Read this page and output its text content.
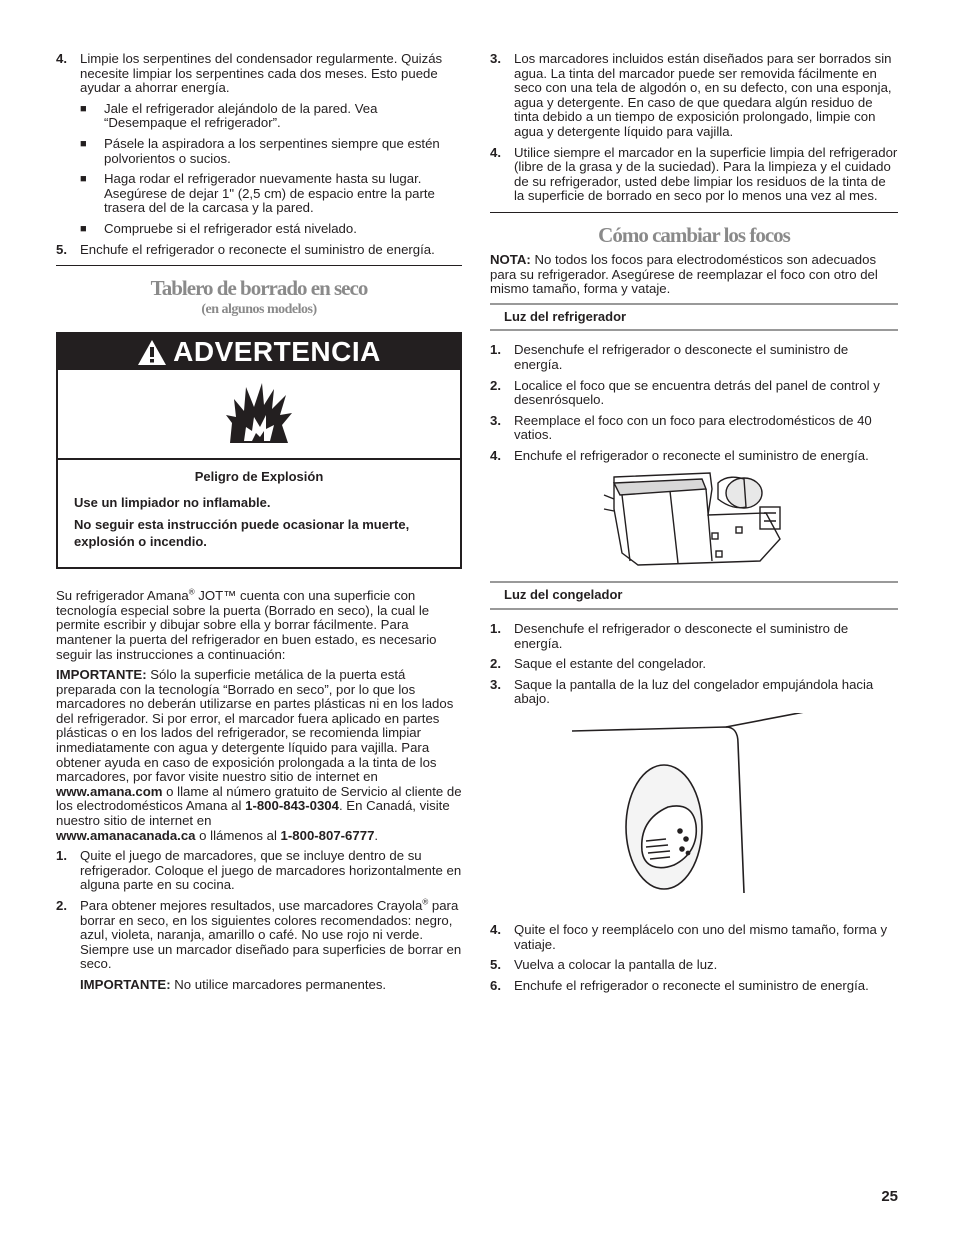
4. Limpie los serpentines del condensador regularmente. Quizás necesite limpiar los serpentines cada dos meses. Esto puede ayudar a ahorrar energía.
■	Jale el refrigerador alejándolo de la pared. Vea “Desempaque el refrigerador”.
■	Pásele la aspiradora a los serpentines siempre que estén polvorientos o sucios.
■	Haga rodar el refrigerador nuevamente hasta su lugar. Asegúrese de dejar 1" (2,5 cm) de espacio entre la parte trasera del de la carcasa y la pared.
■	Compruebe si el refrigerador está nivelado.
5. Enchufe el refrigerador o reconecte el suministro de energía.
Tablero de borrado en seco
(en algunos modelos)
ADVERTENCIA
Peligro de Explosión
Use un limpiador no inflamable.
No seguir esta instrucción puede ocasionar la muerte, explosión o incendio.

Su refrigerador Amana® JOT™ cuenta con una superficie con tecnología especial sobre la puerta (Borrado en seco), la cual le permite escribir y dibujar sobre ella y borrar fácilmente. Para mantener la puerta del refrigerador en buen estado, es necesario seguir las instrucciones a continuación:

IMPORTANTE: Sólo la superficie metálica de la puerta está preparada con la tecnología “Borrado en seco”, por lo que los marcadores no deberán utilizarse en partes plásticas ni en los lados del refrigerador. Si por error, el marcador fuera aplicado en partes plásticas o en los lados del refrigerador, se recomienda limpiar inmediatamente con agua y detergente líquido para vajilla. Para obtener ayuda en caso de exposición prolongada a la tinta de los marcadores, por favor visite nuestro sitio de internet en www.amana.com o llame al número gratuito de Servicio al cliente de los electrodomésticos Amana al 1-800-843-0304. En Canadá, visite nuestro sitio de internet en
www.amanacanada.ca o llámenos al 1-800-807-6777.

1. Quite el juego de marcadores, que se incluye dentro de su refrigerador. Coloque el juego de marcadores horizontalmente en alguna parte en su cocina.
2. Para obtener mejores resultados, use marcadores Crayola® para borrar en seco, en los siguientes colores recomendados: negro, azul, violeta, naranja, amarillo o café. No use rojo ni verde. Siempre use un marcador diseñado para superficies de borrar en seco.

IMPORTANTE: No utilice marcadores permanentes.
3. Los marcadores incluidos están diseñados para ser borrados sin agua. La tinta del marcador puede ser removida fácilmente en seco con una tela de algodón o, en su defecto, con una esponja, agua y detergente. En caso de que quedara algún residuo de tinta debido a un tiempo de exposición prolongado, limpie con agua y detergente líquido para vajilla.
4. Utilice siempre el marcador en la superficie limpia del refrigerador (libre de la grasa y de la suciedad). Para la limpieza y el cuidado de su refrigerador, usted debe limpiar los residuos de la tinta de la superficie de borrado en seco por lo menos una vez al mes.
Cómo cambiar los focos

NOTA: No todos los focos para electrodomésticos son adecuados para su refrigerador. Asegúrese de reemplazar el foco con otro del mismo tamaño, forma y vataje.

Luz del refrigerador
1. Desenchufe el refrigerador o desconecte el suministro de energía.
2. Localice el foco que se encuentra detrás del panel de control y desenrósquelo.
3. Reemplace el foco con un foco para electrodomésticos de 40 vatios.
4. Enchufe el refrigerador o reconecte el suministro de energía.
Luz del congelador
1. Desenchufe el refrigerador o desconecte el suministro de energía.
2. Saque el estante del congelador.
3. Saque la pantalla de la luz del congelador empujándola hacia abajo.
4. Quite el foco y reemplácelo con uno del mismo tamaño, forma y vatiaje.
5. Vuelva a colocar la pantalla de luz.
6. Enchufe el refrigerador o reconecte el suministro de energía.
25
